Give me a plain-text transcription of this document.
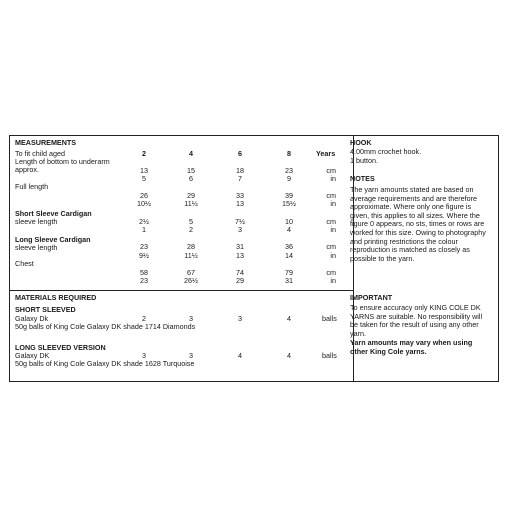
MEASUREMENTS
To fit child aged	2	4	6	8	Years
Length of bottom to underarm
approx.	13	15	18	23	cm
5	6	7	9	in
Full length
26	29	33	39	cm
10½	11½	13	15½	in
Short Sleeve Cardigan
sleeve length	2½	5	7½	10	cm
1	2	3	4	in
Long Sleeve Cardigan
sleeve length	23	28	31	36	cm
9½	11½	13	14	in
Chest
58	67	74	79	cm
23	26½	29	31	in
MATERIALS REQUIRED
SHORT SLEEVED
Galaxy Dk	2	3	3	4	balls
50g balls of King Cole Galaxy DK shade 1714 Diamonds
LONG SLEEVED VERSION
Galaxy DK	3	3	4	4	balls
50g balls of King Cole Galaxy DK shade 1628 Turquoise
HOOK
4.00mm crochet hook.
1 button.
NOTES
The yarn amounts stated are based on average requirements and are therefore approximate. Where only one figure is given, this applies to all sizes. Where the figure 0 appears, no sts, times or rows are worked for this size. Owing to photography and printing restrictions the colour reproduction is matched as closely as possible to the yarn.
IMPORTANT
To ensure accuracy only KING COLE DK YARNS are suitable. No responsibility will be taken for the result of using any other yarn.
Yarn amounts may vary when using other King Cole yarns.
